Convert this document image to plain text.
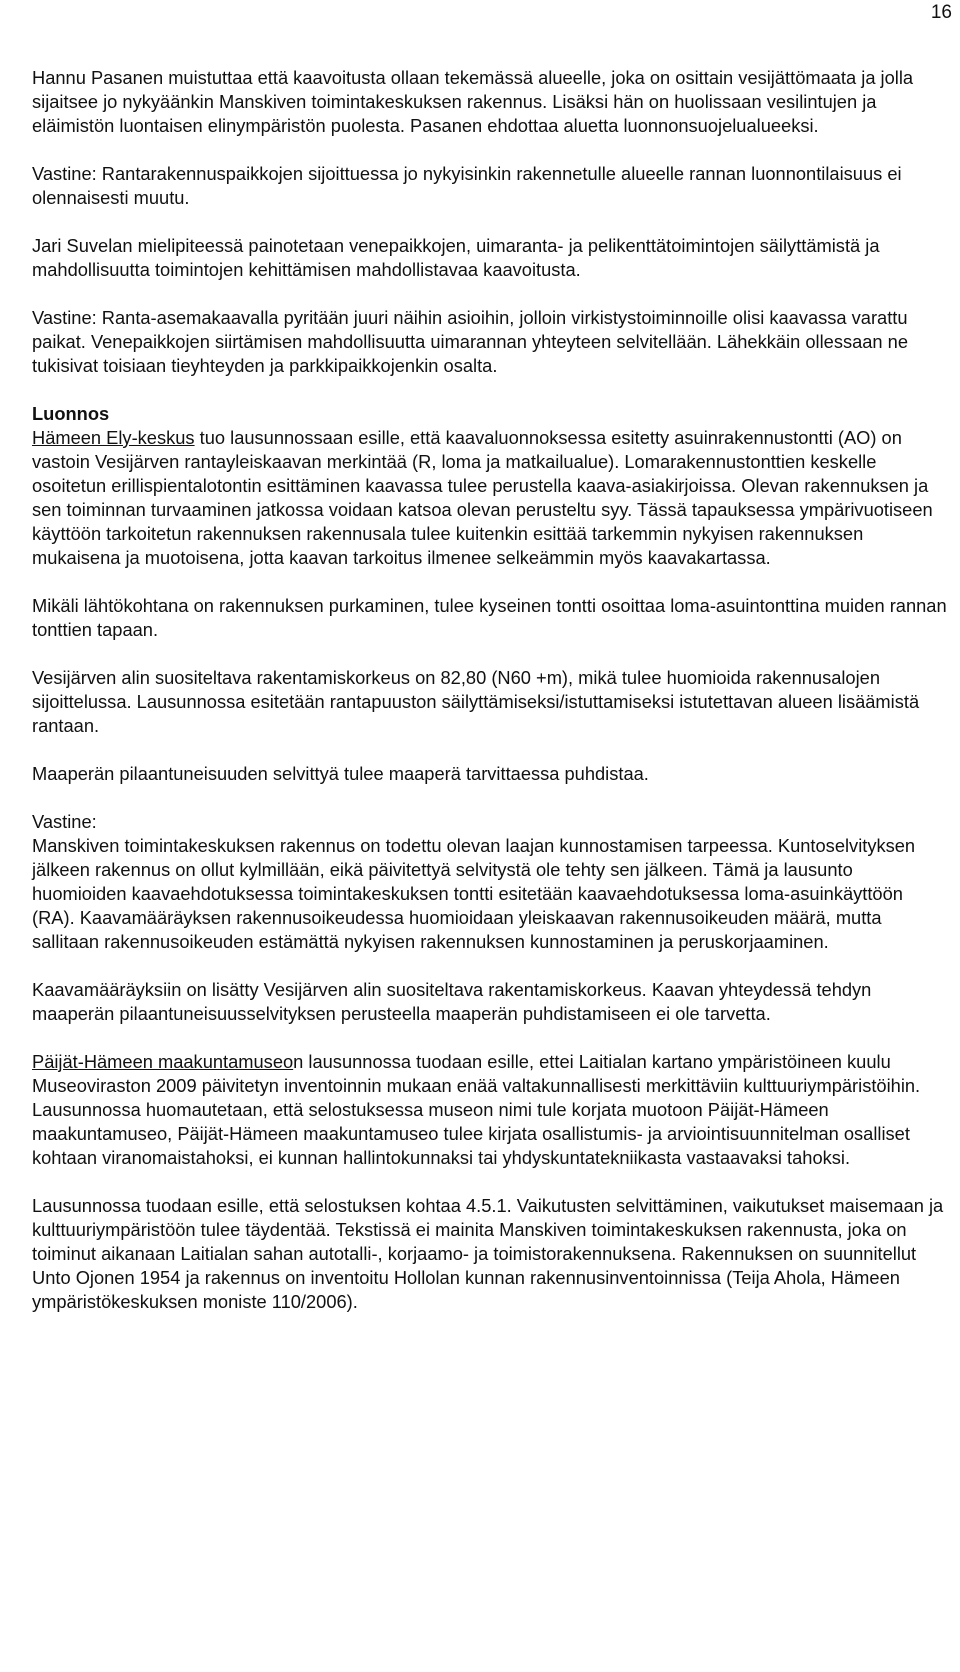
16

Hannu Pasanen muistuttaa että kaavoitusta ollaan tekemässä alueelle, joka on osittain vesijättömaata ja jolla sijaitsee jo nykyäänkin Manskiven toimintakeskuksen rakennus. Lisäksi hän on huolissaan vesilintujen ja eläimistön luontaisen elinympäristön puolesta. Pasanen ehdottaa aluetta luonnonsuojelualueeksi.

Vastine: Rantarakennuspaikkojen sijoittuessa jo nykyisinkin rakennetulle alueelle rannan luonnontilaisuus ei olennaisesti muutu.

Jari Suvelan mielipiteessä painotetaan venepaikkojen, uimaranta- ja pelikenttätoimintojen säilyttämistä ja mahdollisuutta toimintojen kehittämisen mahdollistavaa kaavoitusta.

Vastine: Ranta-asemakaavalla pyritään juuri näihin asioihin, jolloin virkistystoiminnoille olisi kaavassa varattu paikat. Venepaikkojen siirtämisen mahdollisuutta uimarannan yhteyteen selvitellään. Lähekkäin ollessaan ne tukisivat toisiaan tieyhteyden ja parkkipaikkojenkin osalta.

Luonnos
Hämeen Ely-keskus tuo lausunnossaan esille, että kaavaluonnoksessa esitetty asuinrakennustontti (AO) on vastoin Vesijärven rantayleiskaavan merkintää (R, loma ja matkailualue). Lomarakennustonttien keskelle osoitetun erillispientalotontin esittäminen kaavassa tulee perustella kaava-asiakirjoissa. Olevan rakennuksen ja sen toiminnan turvaaminen jatkossa voidaan katsoa olevan perusteltu syy. Tässä tapauksessa ympärivuotiseen käyttöön tarkoitetun rakennuksen rakennusala tulee kuitenkin esittää tarkemmin nykyisen rakennuksen mukaisena ja muotoisena, jotta kaavan tarkoitus ilmenee selkeämmin myös kaavakartassa.

Mikäli lähtökohtana on rakennuksen purkaminen, tulee kyseinen tontti osoittaa loma-asuintonttina muiden rannan tonttien tapaan.

Vesijärven alin suositeltava rakentamiskorkeus on 82,80 (N60 +m), mikä tulee huomioida rakennusalojen sijoittelussa. Lausunnossa esitetään rantapuuston säilyttämiseksi/istuttamiseksi istutettavan alueen lisäämistä rantaan.

Maaperän pilaantuneisuuden selvittyä tulee maaperä tarvittaessa puhdistaa.

Vastine:
Manskiven toimintakeskuksen rakennus on todettu olevan laajan kunnostamisen tarpeessa. Kuntoselvityksen jälkeen rakennus on ollut kylmillään, eikä päivitettyä selvitystä ole tehty sen jälkeen. Tämä ja lausunto huomioiden kaavaehdotuksessa toimintakeskuksen tontti esitetään kaavaehdotuksessa loma-asuinkäyttöön (RA). Kaavamääräyksen rakennusoikeudessa huomioidaan yleiskaavan rakennusoikeuden määrä, mutta sallitaan rakennusoikeuden estämättä nykyisen rakennuksen kunnostaminen ja peruskorjaaminen.

Kaavamääräyksiin on lisätty Vesijärven alin suositeltava rakentamiskorkeus. Kaavan yhteydessä tehdyn maaperän pilaantuneisuusselvityksen perusteella maaperän puhdistamiseen ei ole tarvetta.

Päijät-Hämeen maakuntamuseon lausunnossa tuodaan esille, ettei Laitialan kartano ympäristöineen kuulu Museoviraston 2009 päivitetyn inventoinnin mukaan enää valtakunnallisesti merkittäviin kulttuuriympäristöihin. Lausunnossa huomautetaan, että selostuksessa museon nimi tule korjata muotoon Päijät-Hämeen maakuntamuseo, Päijät-Hämeen maakuntamuseo tulee kirjata osallistumis- ja arviointisuunnitelman osalliset kohtaan viranomaistahoksi, ei kunnan hallintokunnaksi tai yhdyskuntatekniikasta vastaavaksi tahoksi.

Lausunnossa tuodaan esille, että selostuksen kohtaa 4.5.1. Vaikutusten selvittäminen, vaikutukset maisemaan ja kulttuuriympäristöön tulee täydentää. Tekstissä ei mainita Manskiven toimintakeskuksen rakennusta, joka on toiminut aikanaan Laitialan sahan autotalli-, korjaamo- ja toimistorakennuksena. Rakennuksen on suunnitellut Unto Ojonen 1954 ja rakennus on inventoitu Hollolan kunnan rakennusinventoinnissa (Teija Ahola, Hämeen ympäristökeskuksen moniste 110/2006).
